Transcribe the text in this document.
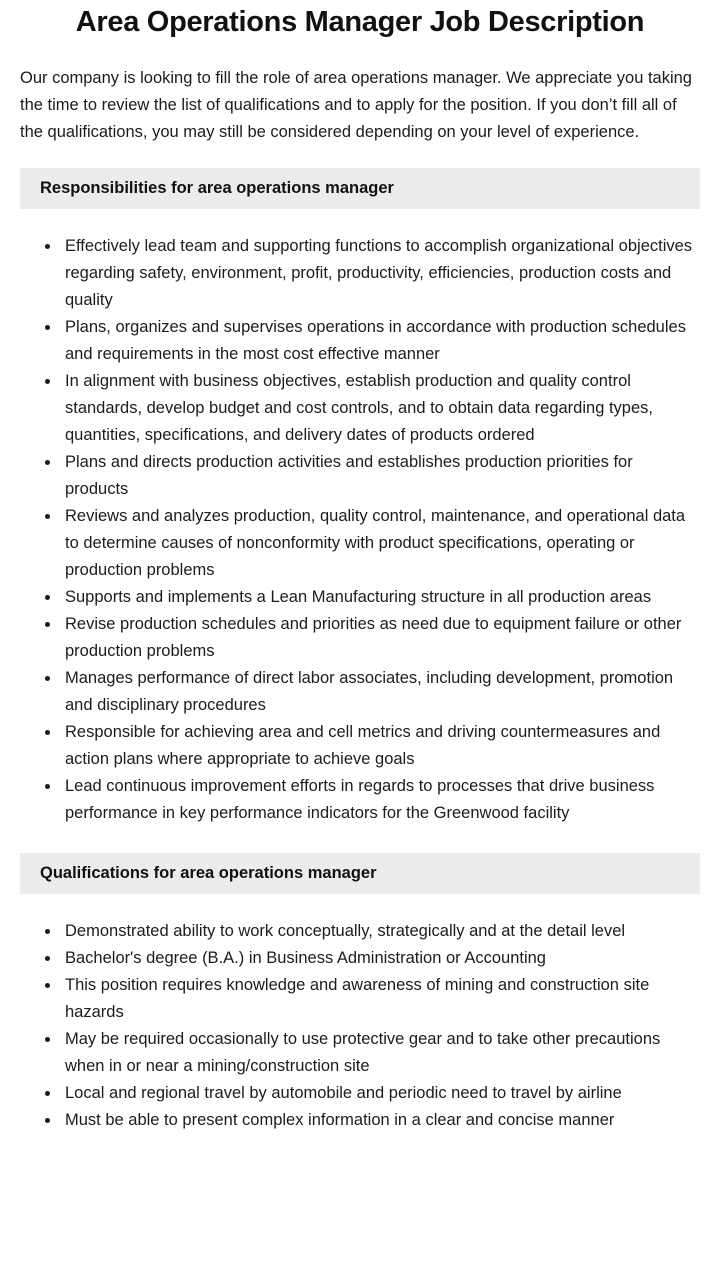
Area Operations Manager Job Description

Our company is looking to fill the role of area operations manager. We appreciate you taking the time to review the list of qualifications and to apply for the position. If you don’t fill all of the qualifications, you may still be considered depending on your level of experience.

Responsibilities for area operations manager
• Effectively lead team and supporting functions to accomplish organizational objectives regarding safety, environment, profit, productivity, efficiencies, production costs and quality
• Plans, organizes and supervises operations in accordance with production schedules and requirements in the most cost effective manner
• In alignment with business objectives, establish production and quality control standards, develop budget and cost controls, and to obtain data regarding types, quantities, specifications, and delivery dates of products ordered
• Plans and directs production activities and establishes production priorities for products
• Reviews and analyzes production, quality control, maintenance, and operational data to determine causes of nonconformity with product specifications, operating or production problems
• Supports and implements a Lean Manufacturing structure in all production areas
• Revise production schedules and priorities as need due to equipment failure or other production problems
• Manages performance of direct labor associates, including development, promotion and disciplinary procedures
• Responsible for achieving area and cell metrics and driving countermeasures and action plans where appropriate to achieve goals
• Lead continuous improvement efforts in regards to processes that drive business performance in key performance indicators for the Greenwood facility
Qualifications for area operations manager
• Demonstrated ability to work conceptually, strategically and at the detail level
• Bachelor's degree (B.A.) in Business Administration or Accounting
• This position requires knowledge and awareness of mining and construction site hazards
• May be required occasionally to use protective gear and to take other precautions when in or near a mining/construction site
• Local and regional travel by automobile and periodic need to travel by airline
• Must be able to present complex information in a clear and concise manner
